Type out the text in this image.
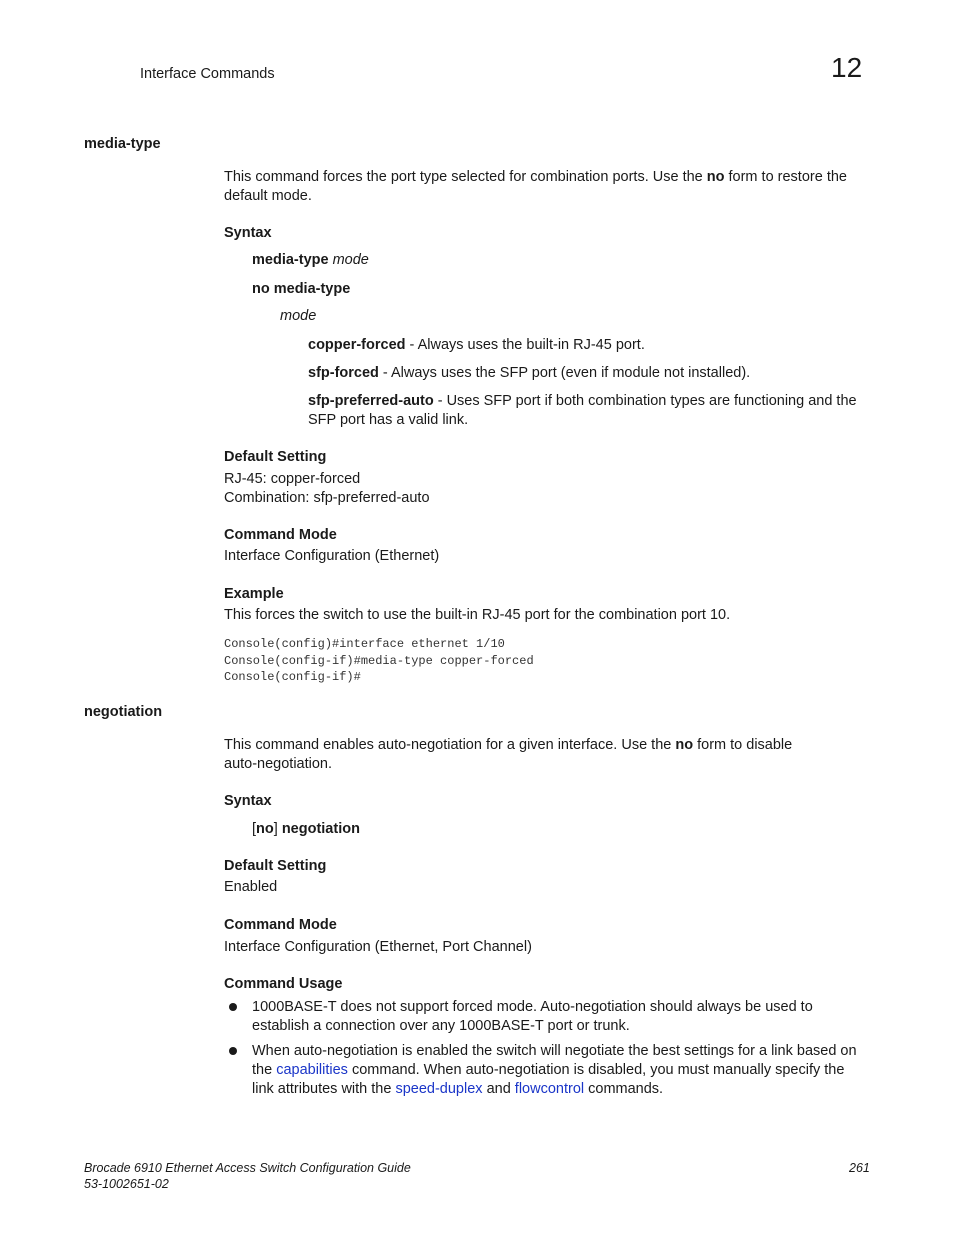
Interface Commands	12
media-type
This command forces the port type selected for combination ports. Use the no form to restore the
default mode.
Syntax
media-type mode
no media-type
mode
copper-forced - Always uses the built-in RJ-45 port.
sfp-forced - Always uses the SFP port (even if module not installed).
sfp-preferred-auto - Uses SFP port if both combination types are functioning and the
SFP port has a valid link.
Default Setting
RJ-45: copper-forced
Combination: sfp-preferred-auto
Command Mode
Interface Configuration (Ethernet)
Example
This forces the switch to use the built-in RJ-45 port for the combination port 10.
Console(config)#interface ethernet 1/10
Console(config-if)#media-type copper-forced
Console(config-if)#
negotiation
This command enables auto-negotiation for a given interface. Use the no form to disable
auto-negotiation.
Syntax
[no] negotiation
Default Setting
Enabled
Command Mode
Interface Configuration (Ethernet, Port Channel)
Command Usage
1000BASE-T does not support forced mode. Auto-negotiation should always be used to
establish a connection over any 1000BASE-T port or trunk.
When auto-negotiation is enabled the switch will negotiate the best settings for a link based on
the capabilities command. When auto-negotiation is disabled, you must manually specify the
link attributes with the speed-duplex and flowcontrol commands.
Brocade 6910 Ethernet Access Switch Configuration Guide
53-1002651-02
261
